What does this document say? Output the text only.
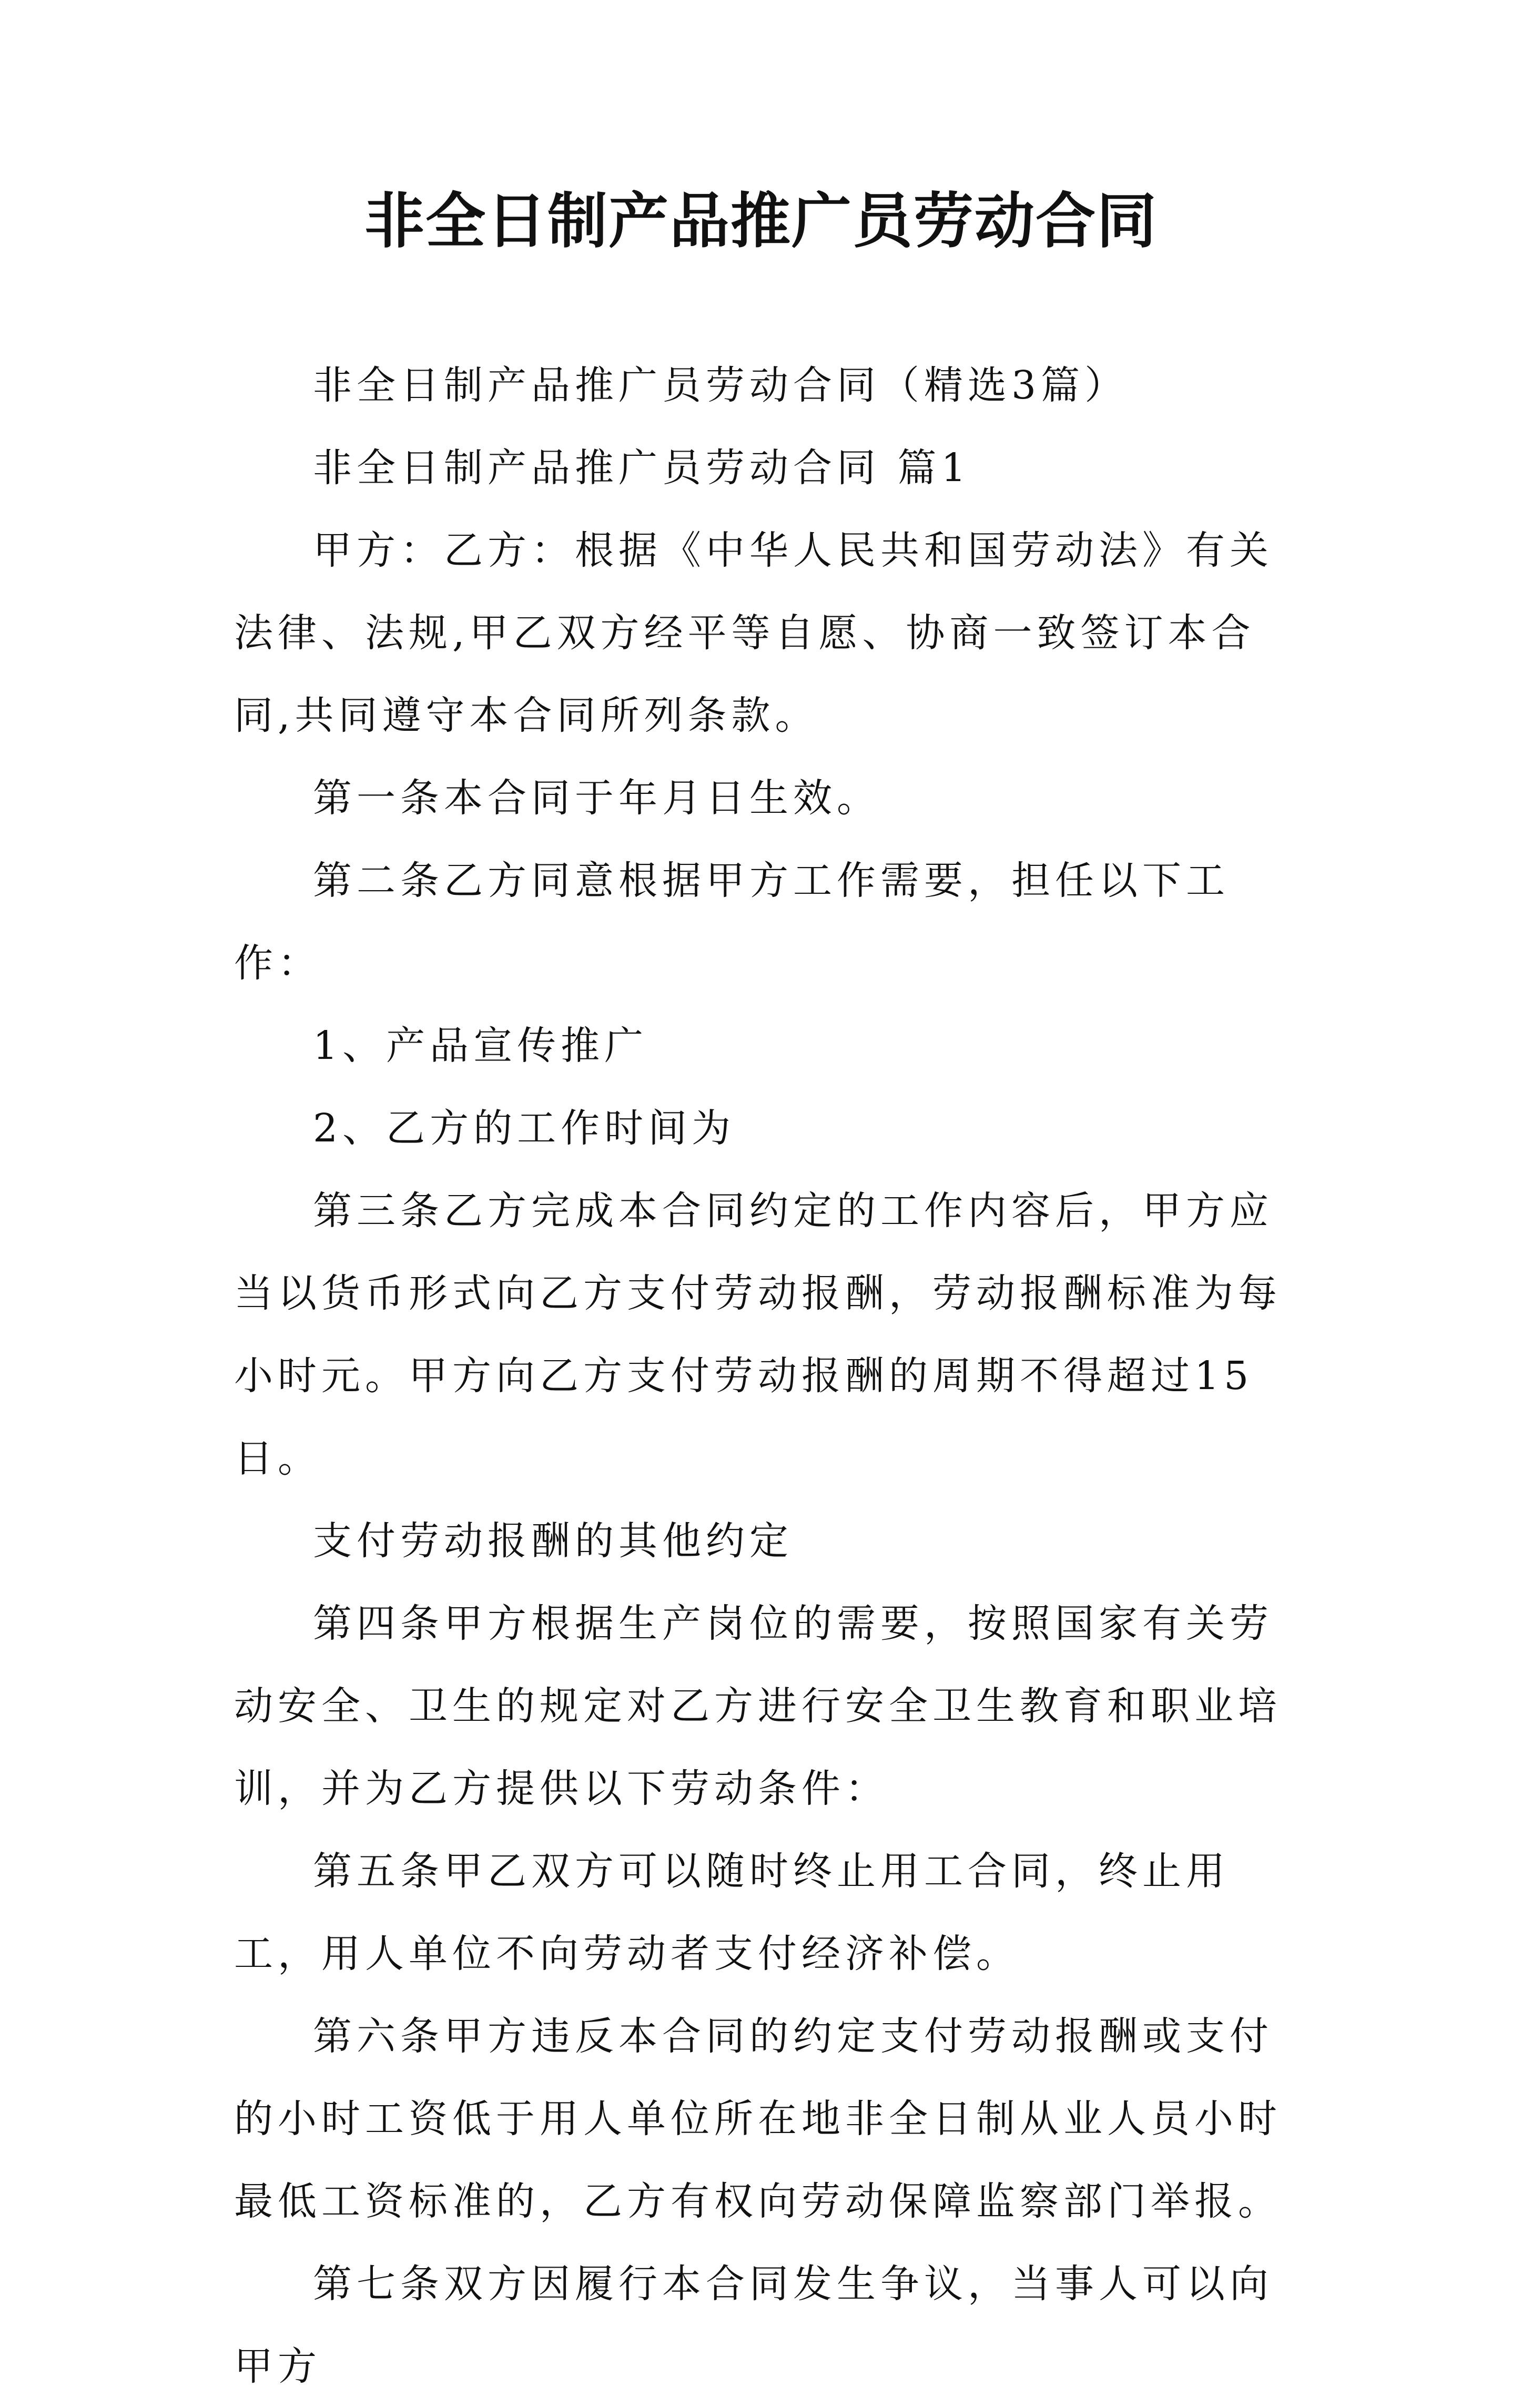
非全日制产品推广员劳动合同

非全日制产品推广员劳动合同（精选3篇）

非全日制产品推广员劳动合同 篇1

甲方：乙方：根据《中华人民共和国劳动法》有关法律、法规,甲乙双方经平等自愿、协商一致签订本合同,共同遵守本合同所列条款。

第一条本合同于年月日生效。

第二条乙方同意根据甲方工作需要，担任以下工作：

1、产品宣传推广

2、乙方的工作时间为

第三条乙方完成本合同约定的工作内容后，甲方应当以货币形式向乙方支付劳动报酬，劳动报酬标准为每小时元。甲方向乙方支付劳动报酬的周期不得超过15日。

支付劳动报酬的其他约定

第四条甲方根据生产岗位的需要，按照国家有关劳动安全、卫生的规定对乙方进行安全卫生教育和职业培训，并为乙方提供以下劳动条件：

第五条甲乙双方可以随时终止用工合同，终止用工，用人单位不向劳动者支付经济补偿。

第六条甲方违反本合同的约定支付劳动报酬或支付的小时工资低于用人单位所在地非全日制从业人员小时最低工资标准的，乙方有权向劳动保障监察部门举报。

第七条双方因履行本合同发生争议，当事人可以向甲方
